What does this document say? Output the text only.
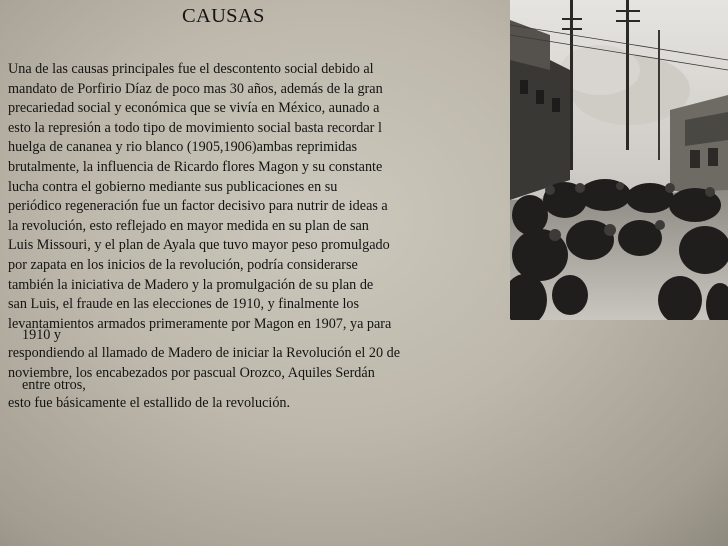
CAUSAS
Una de las causas principales fue el descontento social debido al
mandato de Porfirio Díaz de poco mas 30 años, además de la gran
precariedad social y económica que se vivía en México, aunado a
esto la represión a todo tipo de movimiento social basta recordar l
huelga de cananea y rio blanco (1905,1906)ambas reprimidas
brutalmente, la influencia de Ricardo flores Magon y su constante
lucha contra el gobierno mediante sus publicaciones en su
periódico regeneración fue un factor decisivo para nutrir de ideas a
la revolución, esto reflejado en mayor medida en su plan de san
Luis Missouri, y el plan de Ayala que tuvo mayor peso promulgado
por zapata en los inicios de la revolución, podría considerarse
también la iniciativa de Madero y la promulgación de su plan de
san Luis, el fraude en las elecciones de 1910, y finalmente los
levantamientos armados primeramente por Magon en 1907, ya para
1910 y
respondiendo al llamado de Madero de iniciar la Revolución el 20 de
noviembre, los encabezados por pascual Orozco, Aquiles Serdán
entre otros,
esto fue básicamente el estallido de la revolución.
